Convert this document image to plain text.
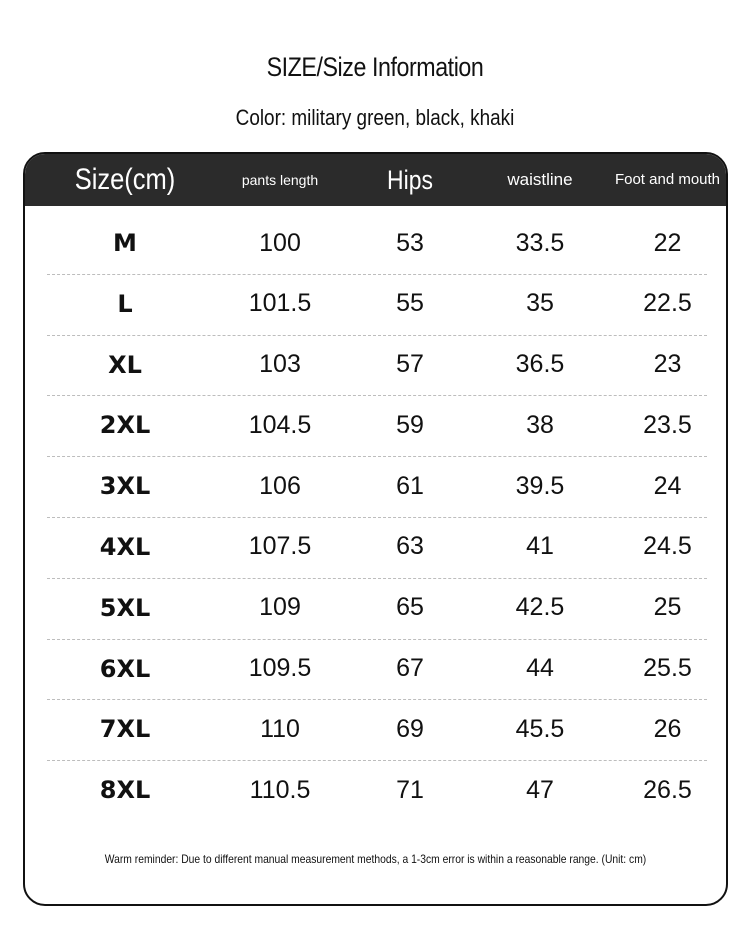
SIZE/Size Information
Color: military green, black, khaki
Size(cm)	pants length	Hips	waistline	Foot and mouth
M	100	53	33.5	22
L	101.5	55	35	22.5
XL	103	57	36.5	23
2XL	104.5	59	38	23.5
3XL	106	61	39.5	24
4XL	107.5	63	41	24.5
5XL	109	65	42.5	25
6XL	109.5	67	44	25.5
7XL	110	69	45.5	26
8XL	110.5	71	47	26.5
Warm reminder: Due to different manual measurement methods, a 1-3cm error is within a reasonable range. (Unit: cm)
